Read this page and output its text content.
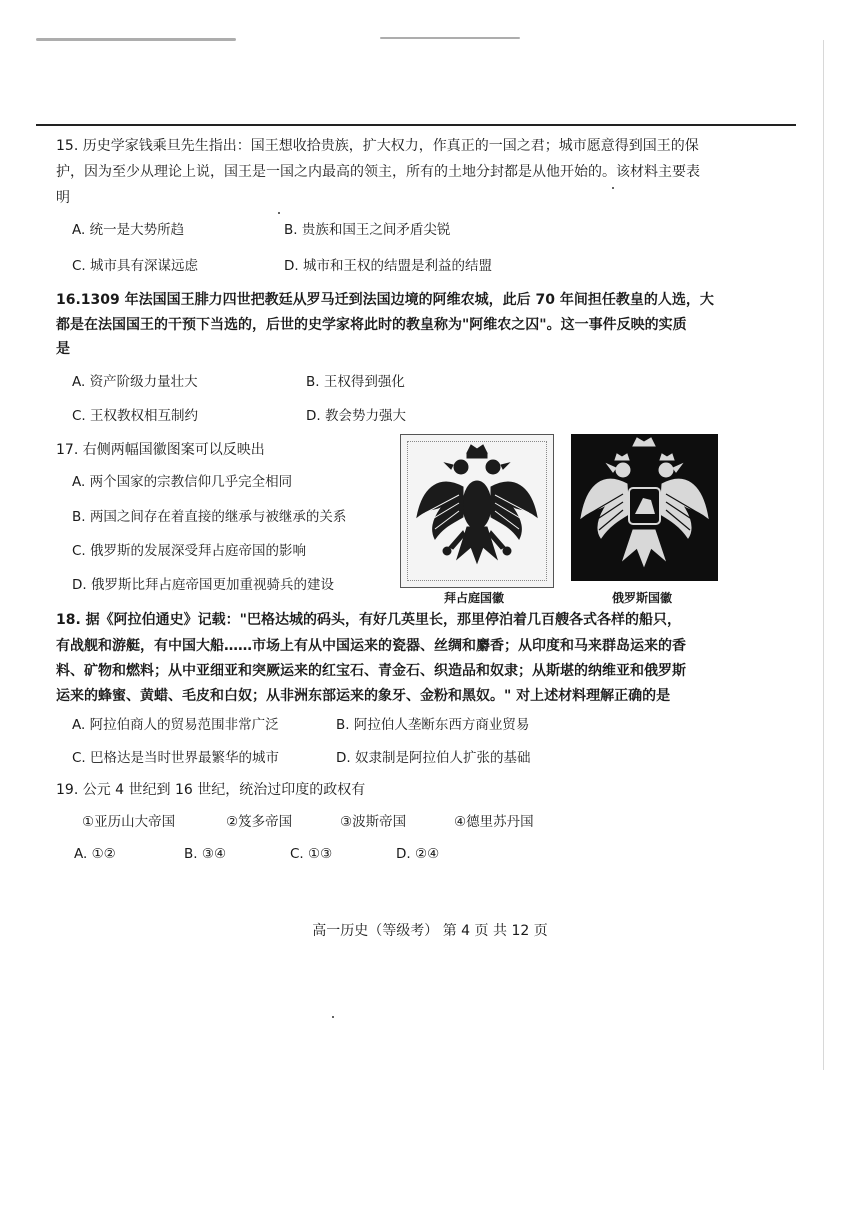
15. 历史学家钱乘旦先生指出：国王想收拾贵族，扩大权力，作真正的一国之君；城市愿意得到国王的保
护，因为至少从理论上说，国王是一国之内最高的领主，所有的土地分封都是从他开始的。该材料主要表
明
A. 统一是大势所趋	B. 贵族和国王之间矛盾尖锐
C. 城市具有深谋远虑	D. 城市和王权的结盟是利益的结盟
16.1309 年法国国王腓力四世把教廷从罗马迁到法国边境的阿维农城，此后 70 年间担任教皇的人选，大
都是在法国国王的干预下当选的，后世的史学家将此时的教皇称为"阿维农之囚"。这一事件反映的实质
是
A. 资产阶级力量壮大	B. 王权得到强化
C. 王权教权相互制约	D. 教会势力强大
17. 右侧两幅国徽图案可以反映出
A. 两个国家的宗教信仰几乎完全相同
B. 两国之间存在着直接的继承与被继承的关系
C. 俄罗斯的发展深受拜占庭帝国的影响
D. 俄罗斯比拜占庭帝国更加重视骑兵的建设
拜占庭国徽	俄罗斯国徽
18. 据《阿拉伯通史》记载："巴格达城的码头，有好几英里长，那里停泊着几百艘各式各样的船只，
有战舰和游艇，有中国大船……市场上有从中国运来的瓷器、丝绸和麝香；从印度和马来群岛运来的香
料、矿物和燃料；从中亚细亚和突厥运来的红宝石、青金石、织造品和奴隶；从斯堪的纳维亚和俄罗斯
运来的蜂蜜、黄蜡、毛皮和白奴；从非洲东部运来的象牙、金粉和黑奴。" 对上述材料理解正确的是
A. 阿拉伯商人的贸易范围非常广泛	B. 阿拉伯人垄断东西方商业贸易
C. 巴格达是当时世界最繁华的城市	D. 奴隶制是阿拉伯人扩张的基础
19. 公元 4 世纪到 16 世纪，统治过印度的政权有
①亚历山大帝国	②笈多帝国	③波斯帝国	④德里苏丹国
A. ①②	B. ③④	C. ①③	D. ②④
高一历史（等级考） 第 4 页 共 12 页
